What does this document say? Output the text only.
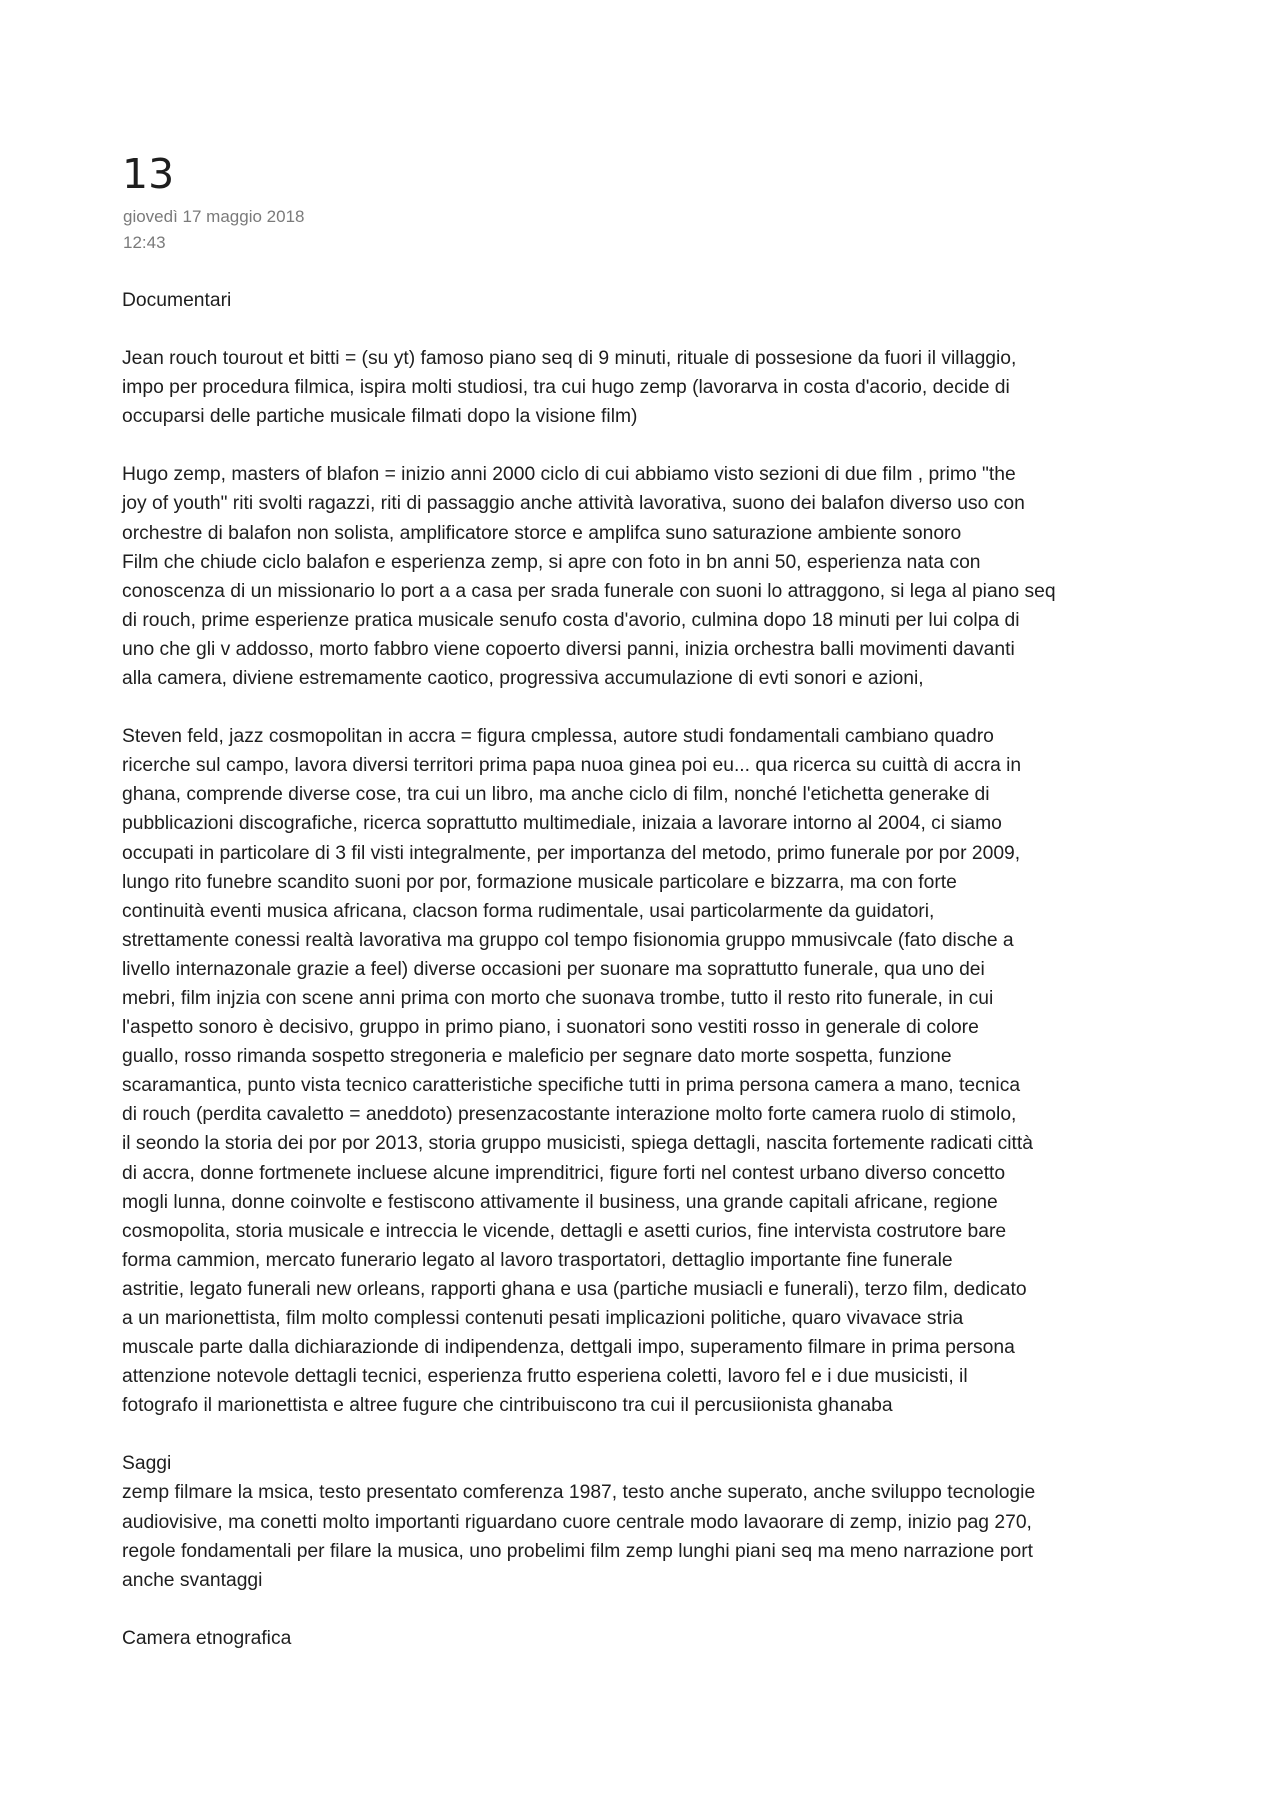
13
giovedì 17 maggio 2018
12:43

Documentari

Jean rouch tourout et bitti = (su yt) famoso piano seq di 9 minuti, rituale di possesione da fuori il villaggio,
impo per procedura filmica, ispira molti studiosi, tra cui hugo zemp (lavorarva in costa d'acorio, decide di
occuparsi delle partiche musicale filmati dopo la visione film)

Hugo zemp, masters of blafon = inizio anni 2000 ciclo di cui abbiamo visto sezioni di due film , primo "the
joy of youth" riti svolti ragazzi, riti di passaggio anche attività lavorativa, suono dei balafon diverso uso con
orchestre di balafon non solista, amplificatore storce e amplifca suno saturazione ambiente sonoro
Film che chiude ciclo balafon e esperienza zemp, si apre con foto in bn anni 50, esperienza nata con
conoscenza di un missionario lo port a a casa per srada funerale con suoni lo attraggono, si lega al piano seq
di rouch, prime esperienze pratica musicale senufo costa d'avorio, culmina dopo 18 minuti per lui colpa di
uno che gli v addosso, morto fabbro viene copoerto diversi panni, inizia orchestra balli movimenti davanti
alla camera, diviene estremamente caotico, progressiva accumulazione di evti sonori e azioni,

Steven feld, jazz cosmopolitan in accra = figura cmplessa, autore studi fondamentali cambiano quadro
ricerche sul campo, lavora diversi territori prima papa nuoa ginea poi eu... qua ricerca su cuittà di accra in
ghana, comprende diverse cose, tra cui un libro, ma anche ciclo di film, nonché l'etichetta generake di
pubblicazioni discografiche, ricerca soprattutto multimediale, inizaia a lavorare intorno al 2004, ci siamo
occupati in particolare di 3 fil visti integralmente, per importanza del metodo, primo funerale por por 2009,
lungo rito funebre scandito suoni por por, formazione musicale particolare e bizzarra, ma con forte
continuità eventi musica africana, clacson forma rudimentale, usai particolarmente da guidatori,
strettamente conessi realtà lavorativa ma gruppo col tempo fisionomia gruppo mmusivcale (fato dische a
livello internazonale grazie a feel) diverse occasioni per suonare ma soprattutto funerale, qua uno dei
mebri, film injzia con scene anni prima con morto che suonava trombe, tutto il resto rito funerale, in cui
l'aspetto sonoro è decisivo, gruppo in primo piano, i suonatori sono vestiti rosso in generale di colore
guallo, rosso rimanda sospetto stregoneria e maleficio per segnare dato morte sospetta, funzione
scaramantica, punto vista tecnico caratteristiche specifiche tutti in prima persona camera a mano, tecnica
di rouch (perdita cavaletto = aneddoto) presenzacostante interazione molto forte camera ruolo di stimolo,
il seondo la storia dei por por 2013, storia gruppo musicisti, spiega dettagli, nascita fortemente radicati città
di accra, donne fortmenete incluese alcune imprenditrici, figure forti nel contest urbano diverso concetto
mogli lunna, donne coinvolte e festiscono attivamente il business, una grande capitali africane, regione
cosmopolita, storia musicale e intreccia le vicende, dettagli e asetti curios, fine intervista costrutore bare
forma cammion, mercato funerario legato al lavoro trasportatori, dettaglio importante fine funerale
astritie, legato funerali new orleans, rapporti ghana e usa (partiche musiacli e funerali), terzo film, dedicato
a un marionettista, film molto complessi contenuti pesati implicazioni politiche, quaro vivavace stria
muscale parte dalla dichiarazionde di indipendenza, dettgali impo, superamento filmare in prima persona
attenzione notevole dettagli tecnici, esperienza frutto esperiena coletti, lavoro fel e i due musicisti, il
fotografo il marionettista e altree fugure che cintribuiscono tra cui il percusiionista ghanaba

Saggi

zemp filmare la msica, testo presentato comferenza 1987, testo anche superato, anche sviluppo tecnologie
audiovisive, ma conetti molto importanti riguardano cuore centrale modo lavaorare di zemp, inizio pag 270,
regole fondamentali per filare la musica, uno probelimi film zemp lunghi piani seq ma meno narrazione port
anche svantaggi

Camera etnografica
